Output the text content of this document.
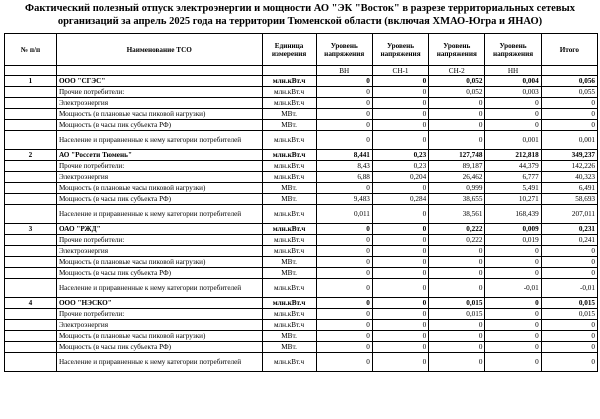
Фактический полезный отпуск электроэнергии и мощности АО "ЭК "Восток" в разрезе территориальных сетевых организаций за апрель 2025 года на территории Тюменской области (включая ХМАО-Югра и ЯНАО)
№ п/п	Наименование ТСО	Единица измерения	Уровень напряжения	Уровень напряжения	Уровень напряжения	Уровень напряжения	Итого
			ВН	СН-1	СН-2	НН	
1	ООО "СГЭС"	млн.кВт.ч	0	0	0,052	0,004	0,056
	Прочие потребители:	млн.кВт.ч	0	0	0,052	0,003	0,055
	Электроэнергия	млн.кВт.ч	0	0	0	0	0
	Мощность (в плановые часы пиковой нагрузки)	МВт.	0	0	0	0	0
	Мощность (в часы пик субъекта РФ)	МВт.	0	0	0	0	0
	Население и приравненные к нему категории потребителей	млн.кВт.ч	0	0	0	0,001	0,001
2	АО "Россети Тюмень"	млн.кВт.ч	8,441	0,23	127,748	212,818	349,237
	Прочие потребители:	млн.кВт.ч	8,43	0,23	89,187	44,379	142,226
	Электроэнергия	млн.кВт.ч	6,88	0,204	26,462	6,777	40,323
	Мощность (в плановые часы пиковой нагрузки)	МВт.	0	0	0,999	5,491	6,491
	Мощность (в часы пик субъекта РФ)	МВт.	9,483	0,284	38,655	10,271	58,693
	Население и приравненные к нему категории потребителей	млн.кВт.ч	0,011	0	38,561	168,439	207,011
3	ОАО "РЖД"	млн.кВт.ч	0	0	0,222	0,009	0,231
	Прочие потребители:	млн.кВт.ч	0	0	0,222	0,019	0,241
	Электроэнергия	млн.кВт.ч	0	0	0	0	0
	Мощность (в плановые часы пиковой нагрузки)	МВт.	0	0	0	0	0
	Мощность (в часы пик субъекта РФ)	МВт.	0	0	0	0	0
	Население и приравненные к нему категории потребителей	млн.кВт.ч	0	0	0	-0,01	-0,01
4	ООО "НЭСКО"	млн.кВт.ч	0	0	0,015	0	0,015
	Прочие потребители:	млн.кВт.ч	0	0	0,015	0	0,015
	Электроэнергия	млн.кВт.ч	0	0	0	0	0
	Мощность (в плановые часы пиковой нагрузки)	МВт.	0	0	0	0	0
	Мощность (в часы пик субъекта РФ)	МВт.	0	0	0	0	0
	Население и приравненные к нему категории потребителей	млн.кВт.ч	0	0	0	0	0
